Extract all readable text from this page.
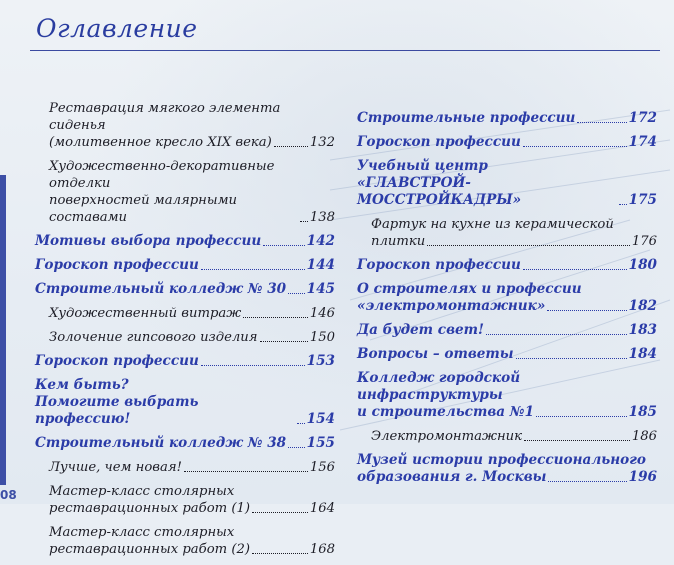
Оглавление
Реставрация мягкого элемента сиденья
(молитвенное кресло XIX века)	132
Художественно-декоративные отделки
поверхностей малярными составами	138
Мотивы выбора профессии	142
Гороскоп профессии	144
Строительный колледж № 30 145
Художественный витраж	146
Золочение гипсового изделия	150
Гороскоп профессии	153
Кем быть?
Помогите выбрать профессию!	154
Строительный колледж № 38 155
Лучше, чем новая!	156
Мастер-класс столярных
реставрационных работ (1)	164
Мастер-класс столярных
реставрационных работ (2)	168
Строительные профессии	172
Гороскоп профессии	174
Учебный центр
«ГЛАВСТРОЙ-МОССТРОЙКАДРЫ»	175
Фартук на кухне из керамической
плитки	176
Гороскоп профессии	180
О строителях и профессии
«электромонтажник»	182
Да будет свет!	183
Вопросы – ответы	184
Колледж городской инфраструктуры
и строительства №1	185
Электромонтажник	186
Музей истории профессионального
образования г. Москвы	196
08
